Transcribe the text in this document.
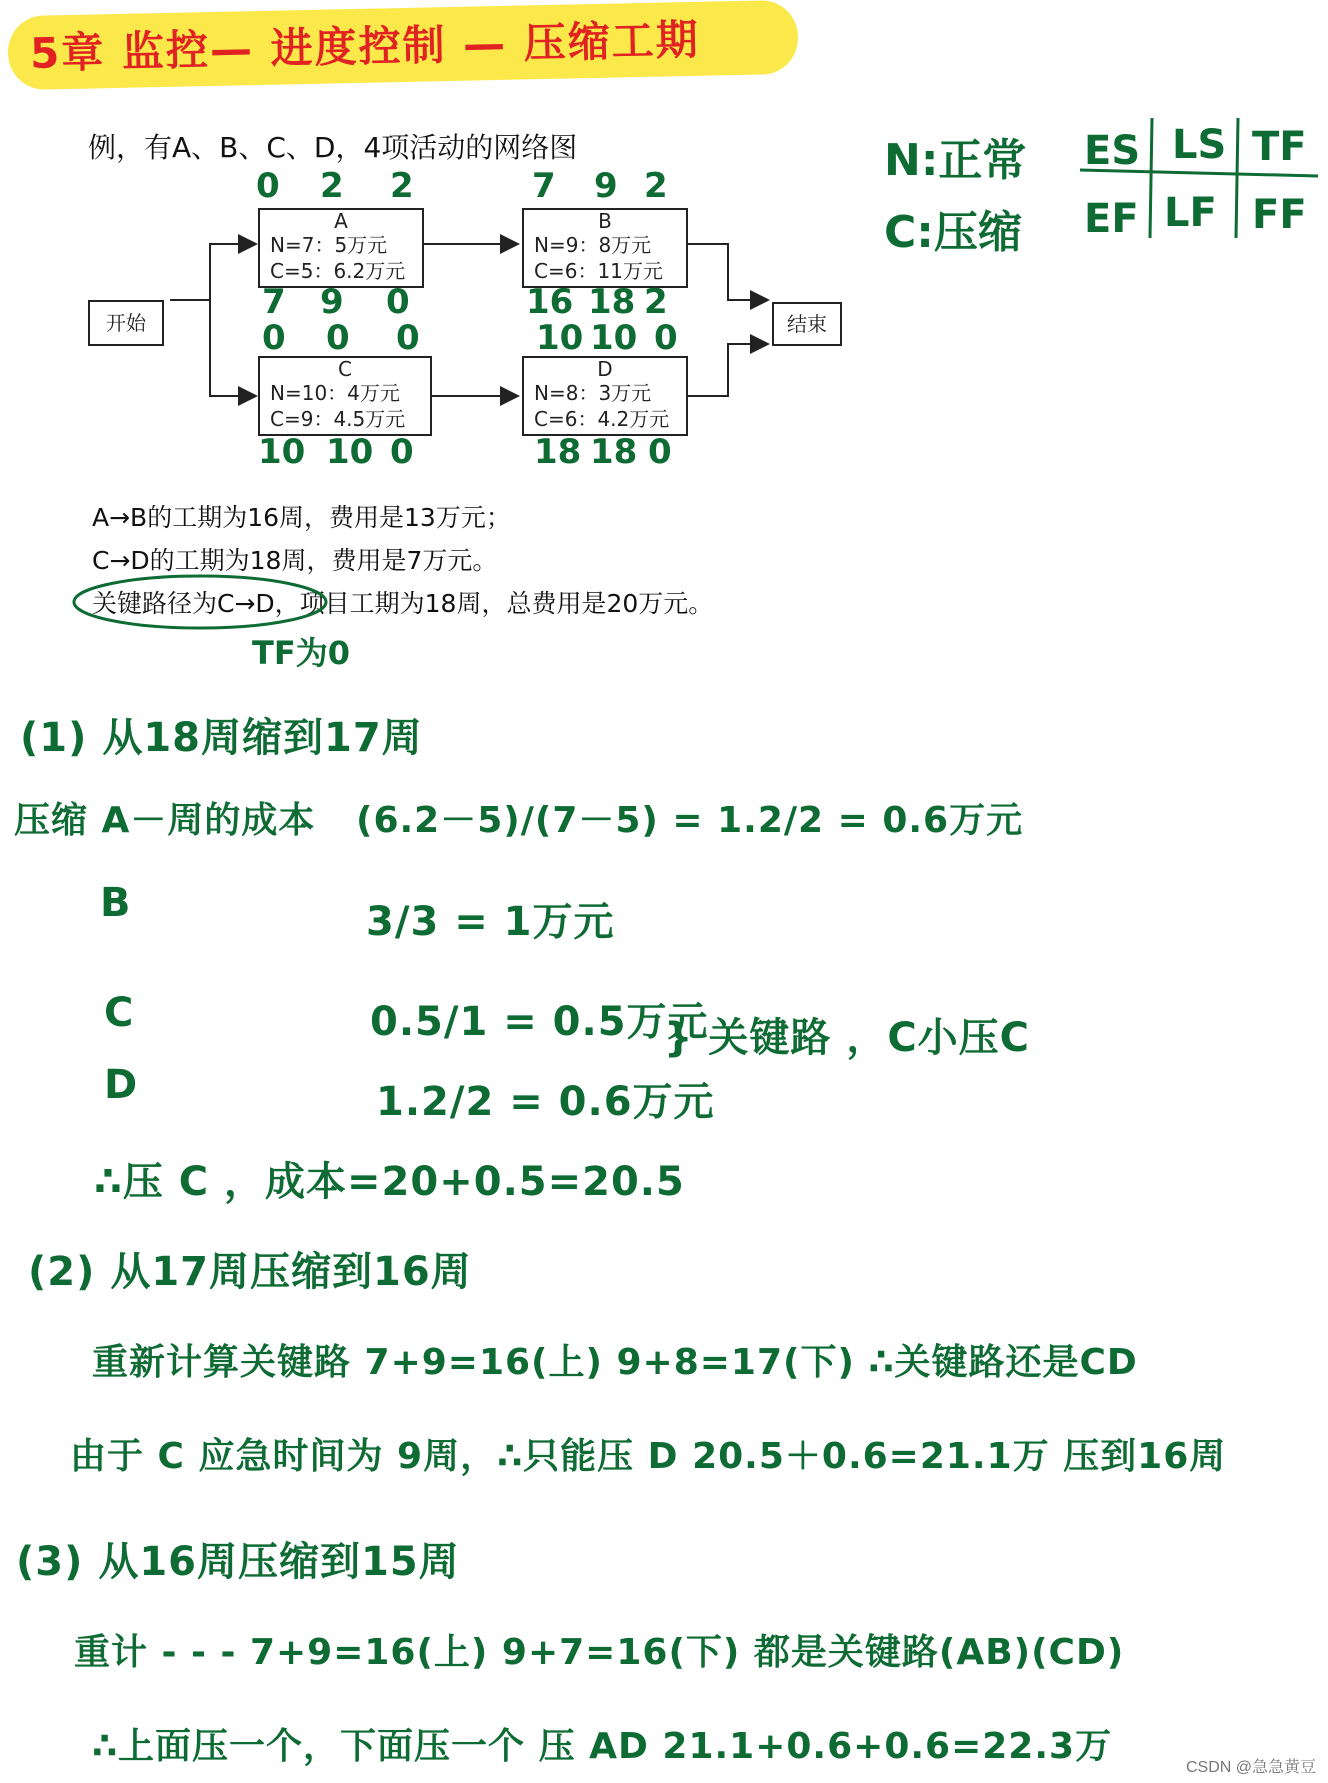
5章 监控— 进度控制 — 压缩工期
例，有A、B、C、D，4项活动的网络图
开始	结束
A
N=7：5万元
C=5：6.2万元
B
N=9：8万元
C=6：11万元
C
N=10：4万元
C=9：4.5万元
D
N=8：3万元
C=6：4.2万元
0 2 2
7 9 0
7 9 2
16 18 2
0 0 0
10 10 0
10 10 0
18 18 0
N:正常
C:压缩
ES LS TF
EF LF FF
A→B的工期为16周，费用是13万元；
C→D的工期为18周，费用是7万元。
关键路径为C→D，项目工期为18周，总费用是20万元。
TF为0
(1) 从18周缩到17周
压缩 A－周的成本 (6.2－5)/(7－5) = 1.2/2 = 0.6万元
B	3/3 = 1万元
C	0.5/1 = 0.5万元
D	1.2/2 = 0.6万元
} 关键路 ，C小压C
∴压 C ，成本=20+0.5=20.5
(2) 从17周压缩到16周
重新计算关键路 7+9=16(上) 9+8=17(下) ∴关键路还是CD
由于 C 应急时间为 9周，∴只能压 D 20.5＋0.6=21.1万 压到16周
(3) 从16周压缩到15周
重计 - - - 7+9=16(上) 9+7=16(下) 都是关键路(AB)(CD)
∴上面压一个，下面压一个 压 AD 21.1+0.6+0.6=22.3万
CSDN @急急黄豆
